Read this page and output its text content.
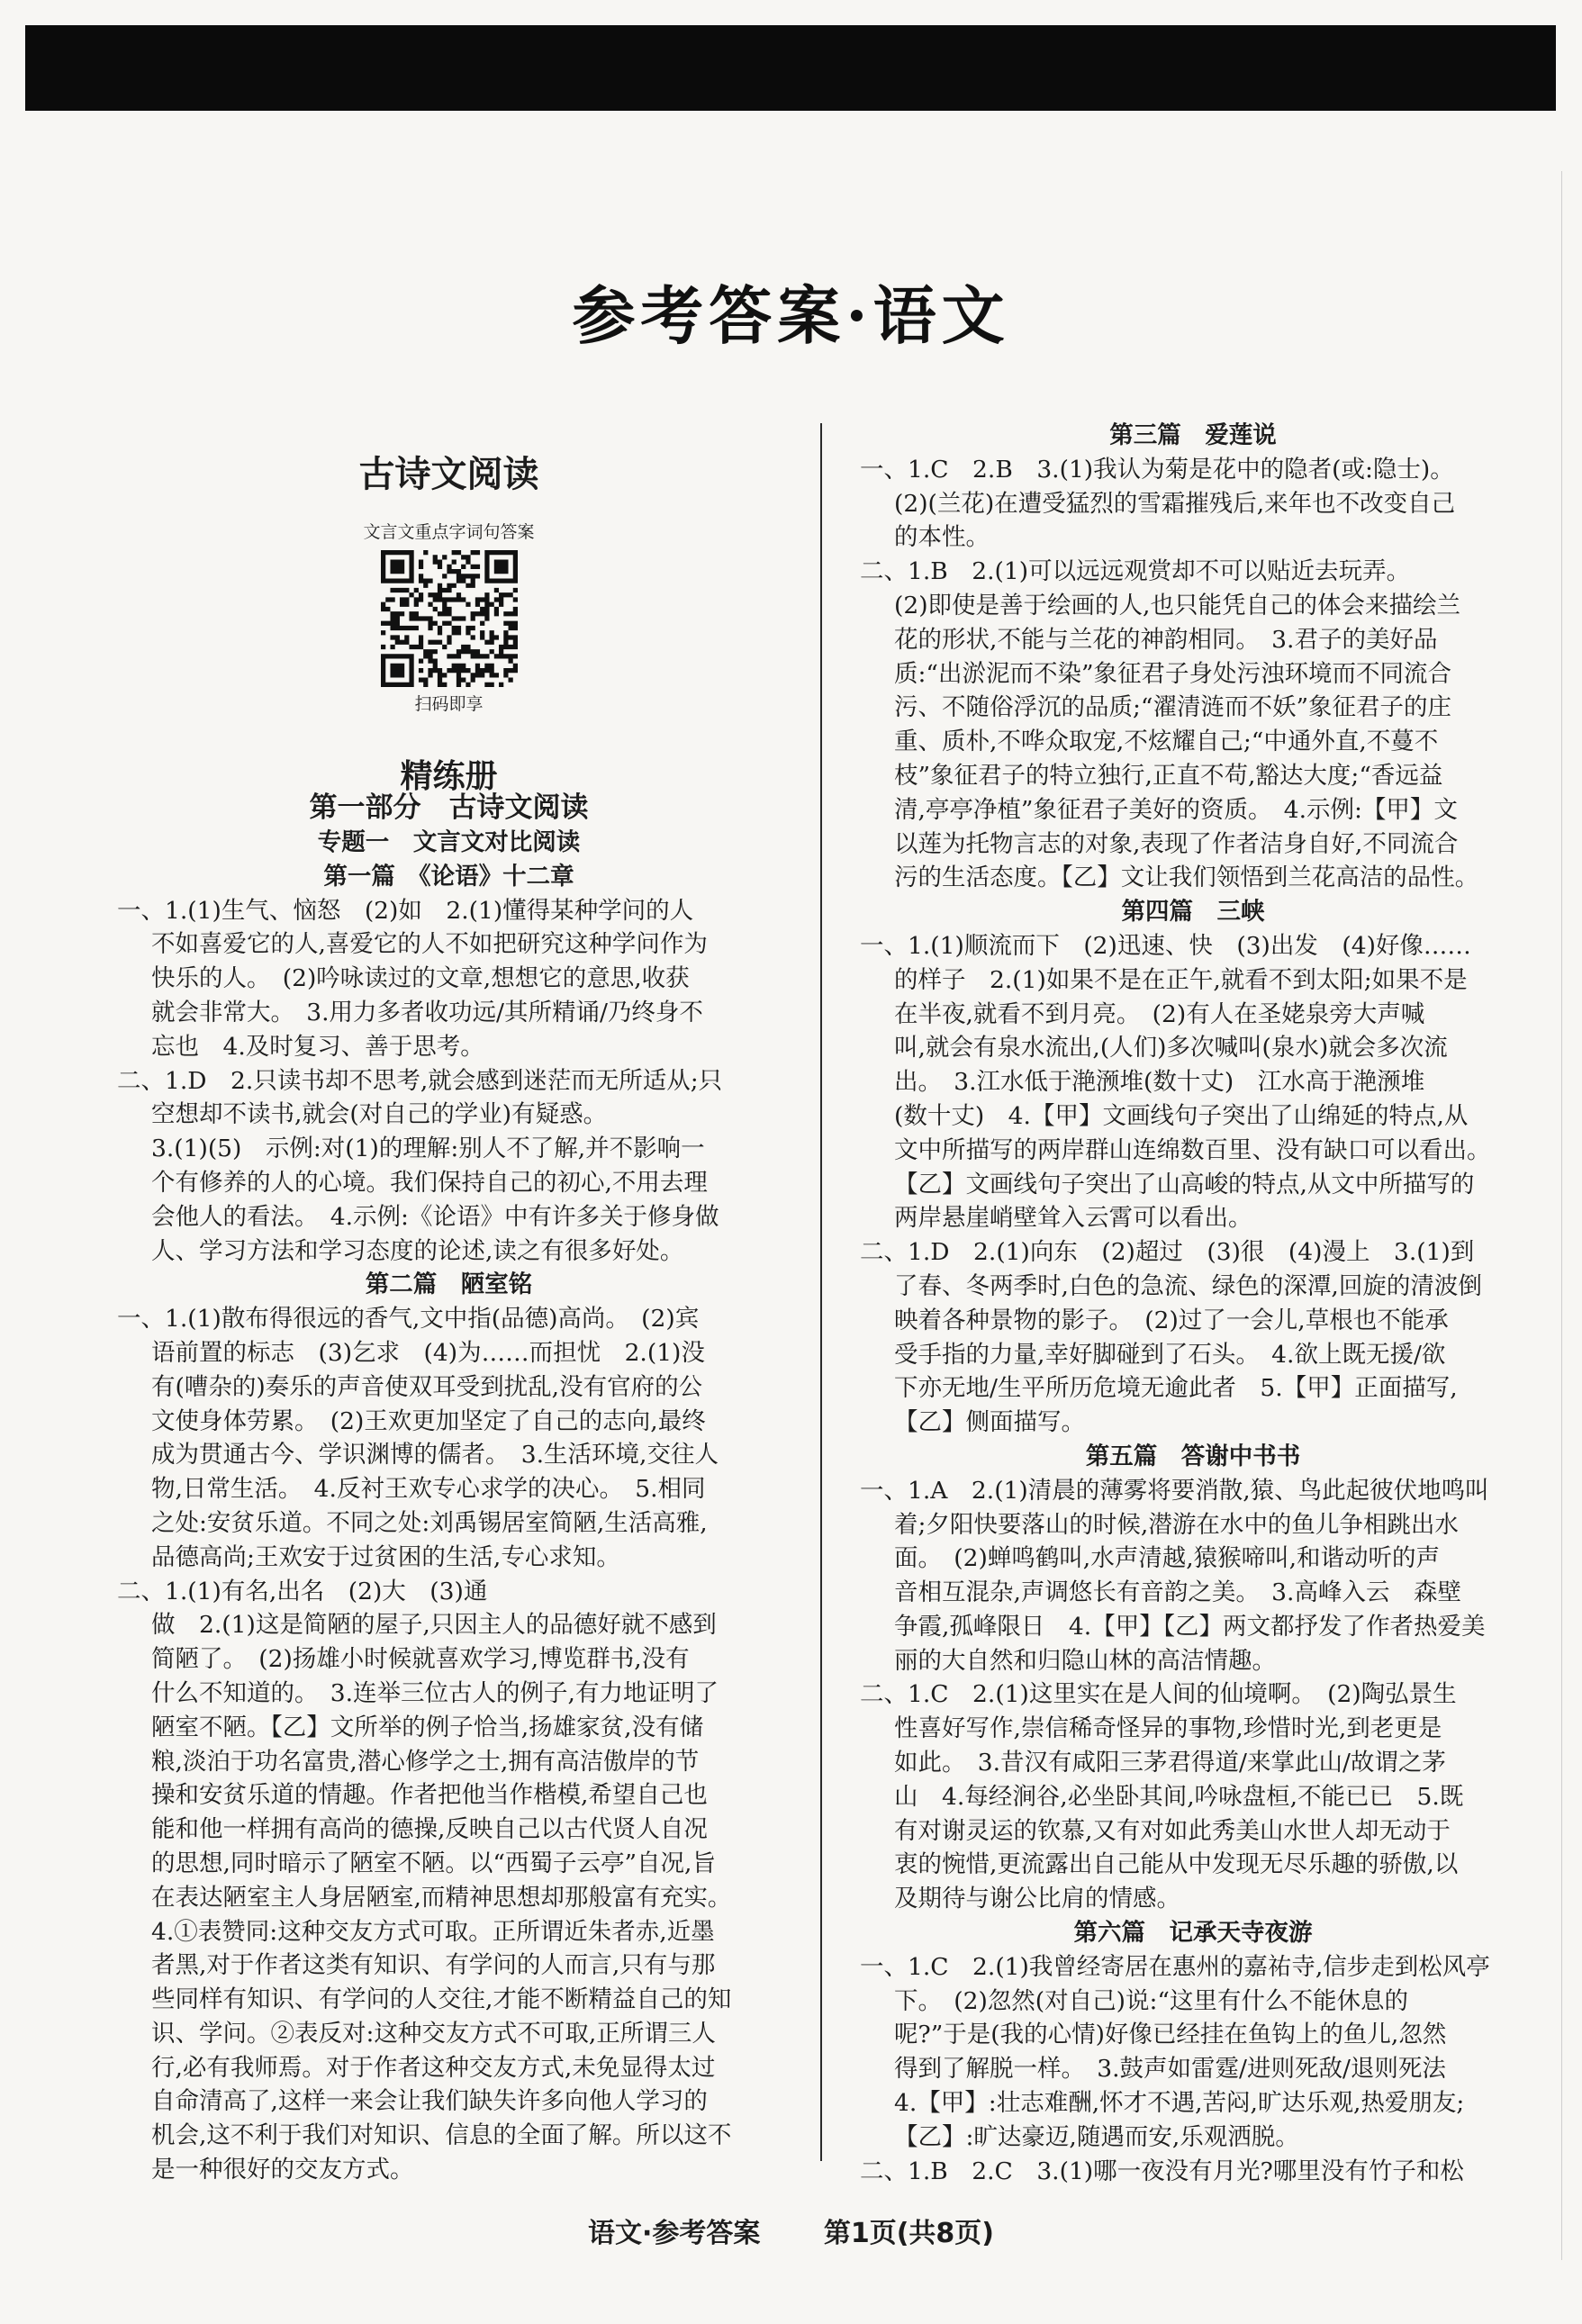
参考答案·语文

古诗文阅读

文言文重点字词句答案
扫码即享

精练册

第一部分　古诗文阅读

专题一　文言文对比阅读

第一篇　《论语》十二章

一、1.(1)生气、恼怒　(2)如　2.(1)懂得某种学问的人

不如喜爱它的人,喜爱它的人不如把研究这种学问作为

快乐的人。　(2)吟咏读过的文章,想想它的意思,收获

就会非常大。　3.用力多者收功远/其所精诵/乃终身不

忘也　4.及时复习、善于思考。

二、1.D　2.只读书却不思考,就会感到迷茫而无所适从;只

空想却不读书,就会(对自己的学业)有疑惑。

3.(1)(5)　示例:对(1)的理解:别人不了解,并不影响一

个有修养的人的心境。我们保持自己的初心,不用去理

会他人的看法。　4.示例:《论语》中有许多关于修身做

人、学习方法和学习态度的论述,读之有很多好处。

第二篇　陋室铭

一、1.(1)散布得很远的香气,文中指(品德)高尚。　(2)宾

语前置的标志　(3)乞求　(4)为……而担忧　2.(1)没

有(嘈杂的)奏乐的声音使双耳受到扰乱,没有官府的公

文使身体劳累。　(2)王欢更加坚定了自己的志向,最终

成为贯通古今、学识渊博的儒者。　3.生活环境,交往人

物,日常生活。　4.反衬王欢专心求学的决心。　5.相同

之处:安贫乐道。不同之处:刘禹锡居室简陋,生活高雅,

品德高尚;王欢安于过贫困的生活,专心求知。

二、1.(1)有名,出名　(2)大　(3)通

做　2.(1)这是简陋的屋子,只因主人的品德好就不感到

简陋了。　(2)扬雄小时候就喜欢学习,博览群书,没有

什么不知道的。　3.连举三位古人的例子,有力地证明了

陋室不陋。【乙】文所举的例子恰当,扬雄家贫,没有储

粮,淡泊于功名富贵,潜心修学之士,拥有高洁傲岸的节

操和安贫乐道的情趣。作者把他当作楷模,希望自己也

能和他一样拥有高尚的德操,反映自己以古代贤人自况

的思想,同时暗示了陋室不陋。以“西蜀子云亭”自况,旨

在表达陋室主人身居陋室,而精神思想却那般富有充实。

4.①表赞同:这种交友方式可取。正所谓近朱者赤,近墨

者黑,对于作者这类有知识、有学问的人而言,只有与那

些同样有知识、有学问的人交往,才能不断精益自己的知

识、学问。②表反对:这种交友方式不可取,正所谓三人

行,必有我师焉。对于作者这种交友方式,未免显得太过

自命清高了,这样一来会让我们缺失许多向他人学习的

机会,这不利于我们对知识、信息的全面了解。所以这不

是一种很好的交友方式。

第三篇　爱莲说

一、1.C　2.B　3.(1)我认为菊是花中的隐者(或:隐士)。

(2)(兰花)在遭受猛烈的雪霜摧残后,来年也不改变自己

的本性。

二、1.B　2.(1)可以远远观赏却不可以贴近去玩弄。

(2)即使是善于绘画的人,也只能凭自己的体会来描绘兰

花的形状,不能与兰花的神韵相同。　3.君子的美好品

质:“出淤泥而不染”象征君子身处污浊环境而不同流合

污、不随俗浮沉的品质;“濯清涟而不妖”象征君子的庄

重、质朴,不哗众取宠,不炫耀自己;“中通外直,不蔓不

枝”象征君子的特立独行,正直不苟,豁达大度;“香远益

清,亭亭净植”象征君子美好的资质。　4.示例:【甲】文

以莲为托物言志的对象,表现了作者洁身自好,不同流合

污的生活态度。【乙】文让我们领悟到兰花高洁的品性。

第四篇　三峡

一、1.(1)顺流而下　(2)迅速、快　(3)出发　(4)好像……

的样子　2.(1)如果不是在正午,就看不到太阳;如果不是

在半夜,就看不到月亮。　(2)有人在圣姥泉旁大声喊

叫,就会有泉水流出,(人们)多次喊叫(泉水)就会多次流

出。　3.江水低于滟滪堆(数十丈)　江水高于滟滪堆

(数十丈)　4.【甲】文画线句子突出了山绵延的特点,从

文中所描写的两岸群山连绵数百里、没有缺口可以看出。

【乙】文画线句子突出了山高峻的特点,从文中所描写的

两岸悬崖峭壁耸入云霄可以看出。

二、1.D　2.(1)向东　(2)超过　(3)很　(4)漫上　3.(1)到

了春、冬两季时,白色的急流、绿色的深潭,回旋的清波倒

映着各种景物的影子。　(2)过了一会儿,草根也不能承

受手指的力量,幸好脚碰到了石头。　4.欲上既无援/欲

下亦无地/生平所历危境无逾此者　5.【甲】正面描写,

【乙】侧面描写。

第五篇　答谢中书书

一、1.A　2.(1)清晨的薄雾将要消散,猿、鸟此起彼伏地鸣叫

着;夕阳快要落山的时候,潜游在水中的鱼儿争相跳出水

面。　(2)蝉鸣鹤叫,水声清越,猿猴啼叫,和谐动听的声

音相互混杂,声调悠长有音韵之美。　3.高峰入云　森壁

争霞,孤峰限日　4.【甲】【乙】两文都抒发了作者热爱美

丽的大自然和归隐山林的高洁情趣。

二、1.C　2.(1)这里实在是人间的仙境啊。　(2)陶弘景生

性喜好写作,崇信稀奇怪异的事物,珍惜时光,到老更是

如此。　3.昔汉有咸阳三茅君得道/来掌此山/故谓之茅

山　4.每经涧谷,必坐卧其间,吟咏盘桓,不能已已　5.既

有对谢灵运的钦慕,又有对如此秀美山水世人却无动于

衷的惋惜,更流露出自己能从中发现无尽乐趣的骄傲,以

及期待与谢公比肩的情感。

第六篇　记承天寺夜游

一、1.C　2.(1)我曾经寄居在惠州的嘉祐寺,信步走到松风亭

下。　(2)忽然(对自己)说:“这里有什么不能休息的

呢?”于是(我的心情)好像已经挂在鱼钩上的鱼儿,忽然

得到了解脱一样。　3.鼓声如雷霆/进则死敌/退则死法

4.【甲】:壮志难酬,怀才不遇,苦闷,旷达乐观,热爱朋友;

【乙】:旷达豪迈,随遇而安,乐观洒脱。

二、1.B　2.C　3.(1)哪一夜没有月光?哪里没有竹子和松

语文·参考答案 第1页(共8页)
